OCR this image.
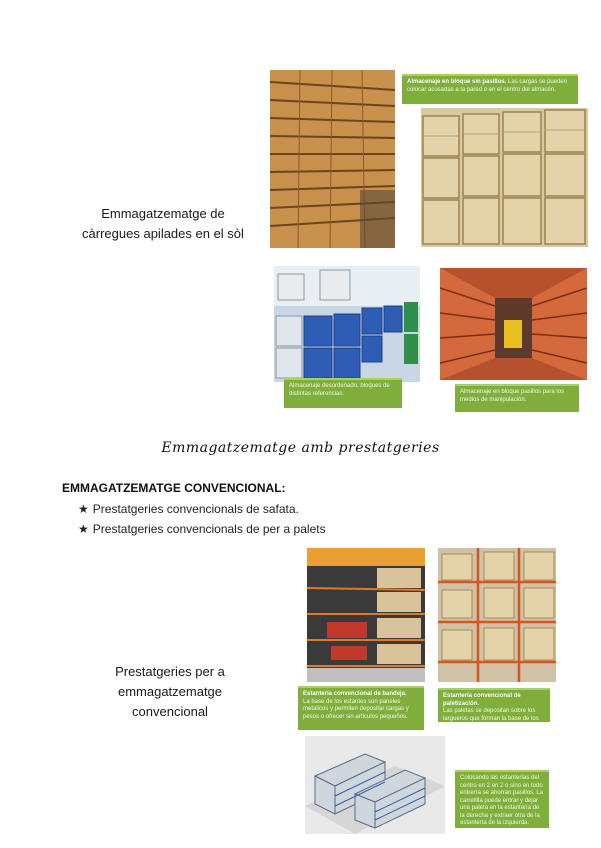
Emmagatzematge de
càrregues apilades en el sòl
Almacenaje en bloque sin pasillos. Las cargas se pueden colocar acosadas a la pared o en el centro del almacén.
Almacenaje desordenado, bloques de distintas referencias.	Almacenaje en bloque pasillos para los medios de manipulación.
Emmagatzematge amb prestatgeries
EMMAGATZEMATGE CONVENCIONAL:
★ Prestatgeries convencionals de safata.
★ Prestatgeries convencionals de per a palets
Prestatgeries per a
emmagatzematge
convencional
Estantería convencional de bandeja.
La base de los estantes son paneles metálicos y permiten depositar cargas y pesos o ofrecer sin artículos pequeños.
Estantería convencional de paletización.
Las paletas se depositan sobre los largueros que forman la base de los estantes.
Colocando las estanterías del centro en 2 en 2 o sino en todo entrerra se ahorran pasillos. La carretilla puede entrar y dejar una paleta en la estantería de la derecha y extraer otra de la estantería de la izquierda.
